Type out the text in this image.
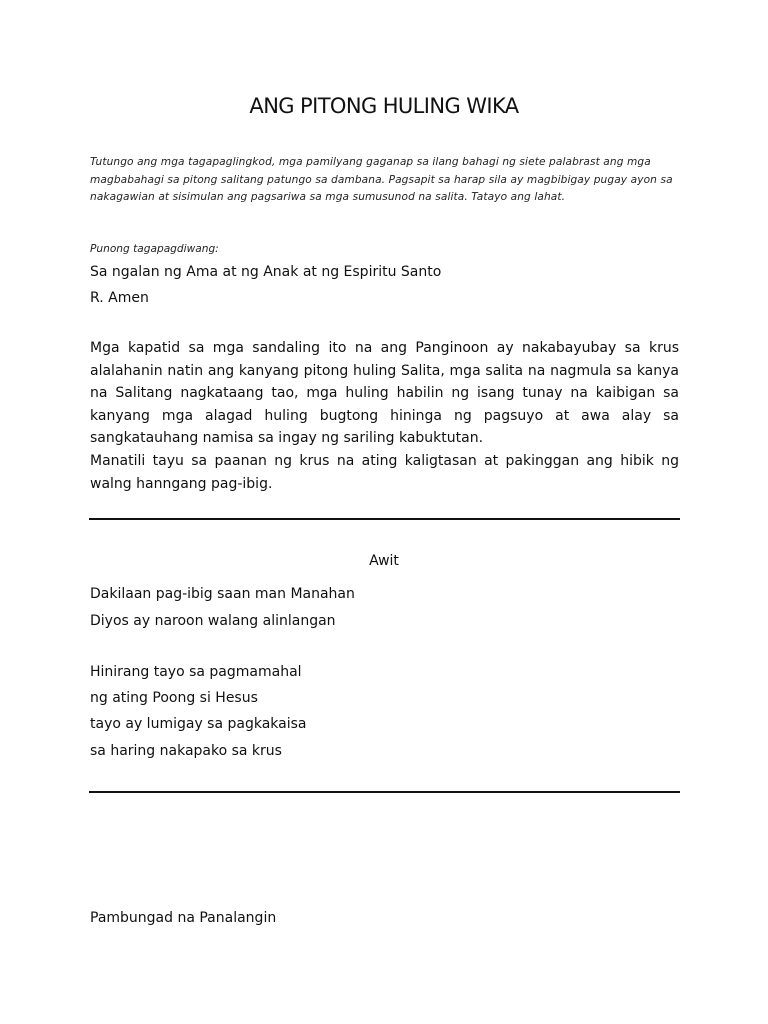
ANG PITONG HULING WIKA

Tutungo ang mga tagapaglingkod, mga pamilyang gaganap sa ilang bahagi ng siete palabrast ang mga magbabahagi sa pitong salitang patungo sa dambana. Pagsapit sa harap sila ay magbibigay pugay ayon sa nakagawian at sisimulan ang pagsariwa sa mga sumusunod na salita. Tatayo ang lahat.

Punong tagapagdiwang:

Sa ngalan ng Ama at ng Anak at ng Espiritu Santo

R. Amen

Mga kapatid sa mga sandaling ito na ang Panginoon ay nakabayubay sa krus alalahanin natin ang kanyang pitong huling Salita, mga salita na nagmula sa kanya na Salitang nagkataang tao, mga huling habilin ng isang tunay na kaibigan sa kanyang mga alagad huling bugtong hininga ng pagsuyo at awa alay sa sangkatauhang namisa sa ingay ng sariling kabuktutan.

Manatili tayu sa paanan ng krus na ating kaligtasan at pakinggan ang hibik ng walng hanngang pag-ibig.

Awit

Dakilaan pag-ibig saan man Manahan

Diyos ay naroon walang alinlangan

Hinirang tayo sa pagmamahal

ng ating Poong si Hesus

tayo ay lumigay sa pagkakaisa

sa haring nakapako sa krus

Pambungad na Panalangin
